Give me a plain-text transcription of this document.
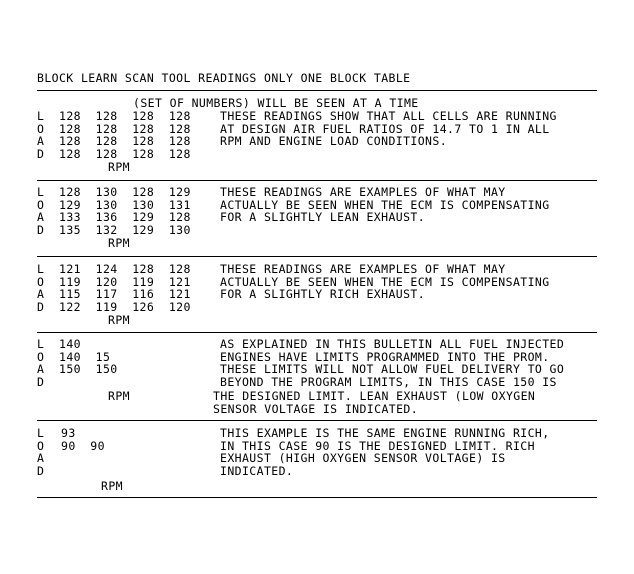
BLOCK LEARN SCAN TOOL READINGS ONLY ONE BLOCK TABLE
(SET OF NUMBERS) WILL BE SEEN AT A TIME
L
O
A
D
128  128  128  128
128  128  128  128
128  128  128  128
128  128  128  128
THESE READINGS SHOW THAT ALL CELLS ARE RUNNING
AT DESIGN AIR FUEL RATIOS OF 14.7 TO 1 IN ALL
RPM AND ENGINE LOAD CONDITIONS.
RPM
L
O
A
D
128  130  128  129
129  130  130  131
133  136  129  128
135  132  129  130
THESE READINGS ARE EXAMPLES OF WHAT MAY
ACTUALLY BE SEEN WHEN THE ECM IS COMPENSATING
FOR A SLIGHTLY LEAN EXHAUST.
RPM
L
O
A
D
121  124  128  128
119  120  119  121
115  117  116  121
122  119  126  120
THESE READINGS ARE EXAMPLES OF WHAT MAY
ACTUALLY BE SEEN WHEN THE ECM IS COMPENSATING
FOR A SLIGHTLY RICH EXHAUST.
RPM
L
O
A
D
140
140  15
150  150
AS EXPLAINED IN THIS BULLETIN ALL FUEL INJECTED
ENGINES HAVE LIMITS PROGRAMMED INTO THE PROM.
THESE LIMITS WILL NOT ALLOW FUEL DELIVERY TO GO
BEYOND THE PROGRAM LIMITS, IN THIS CASE 150 IS
RPM	THE DESIGNED LIMIT. LEAN EXHAUST (LOW OXYGEN
SENSOR VOLTAGE IS INDICATED.
L
O
A
D
93
90  90
THIS EXAMPLE IS THE SAME ENGINE RUNNING RICH,
IN THIS CASE 90 IS THE DESIGNED LIMIT. RICH
EXHAUST (HIGH OXYGEN SENSOR VOLTAGE) IS
INDICATED.
RPM
